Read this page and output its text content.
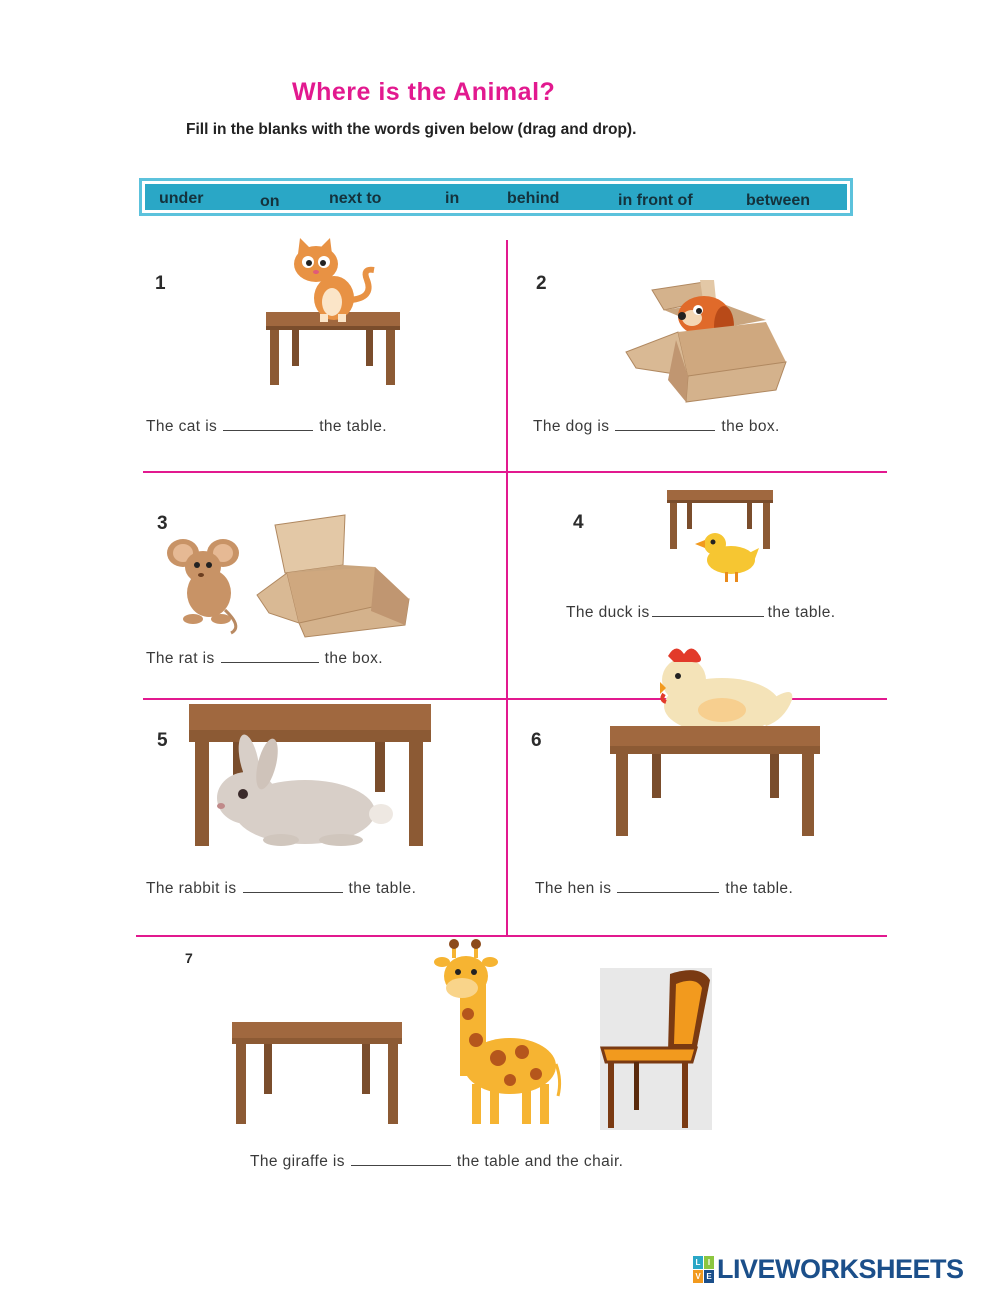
Where is the Animal?
Fill in the blanks with the words given below (drag and drop).
under	on	next to	in	behind	in front of	between
1
The cat is	the table.
2
The dog is	the box.
3
The rat is	the box.
4
The duck is	the table.
5
The rabbit is	the table.
6
The hen is	the table.
7
The giraffe is	the table and the chair.
L I
V E LIVEWORKSHEETS
